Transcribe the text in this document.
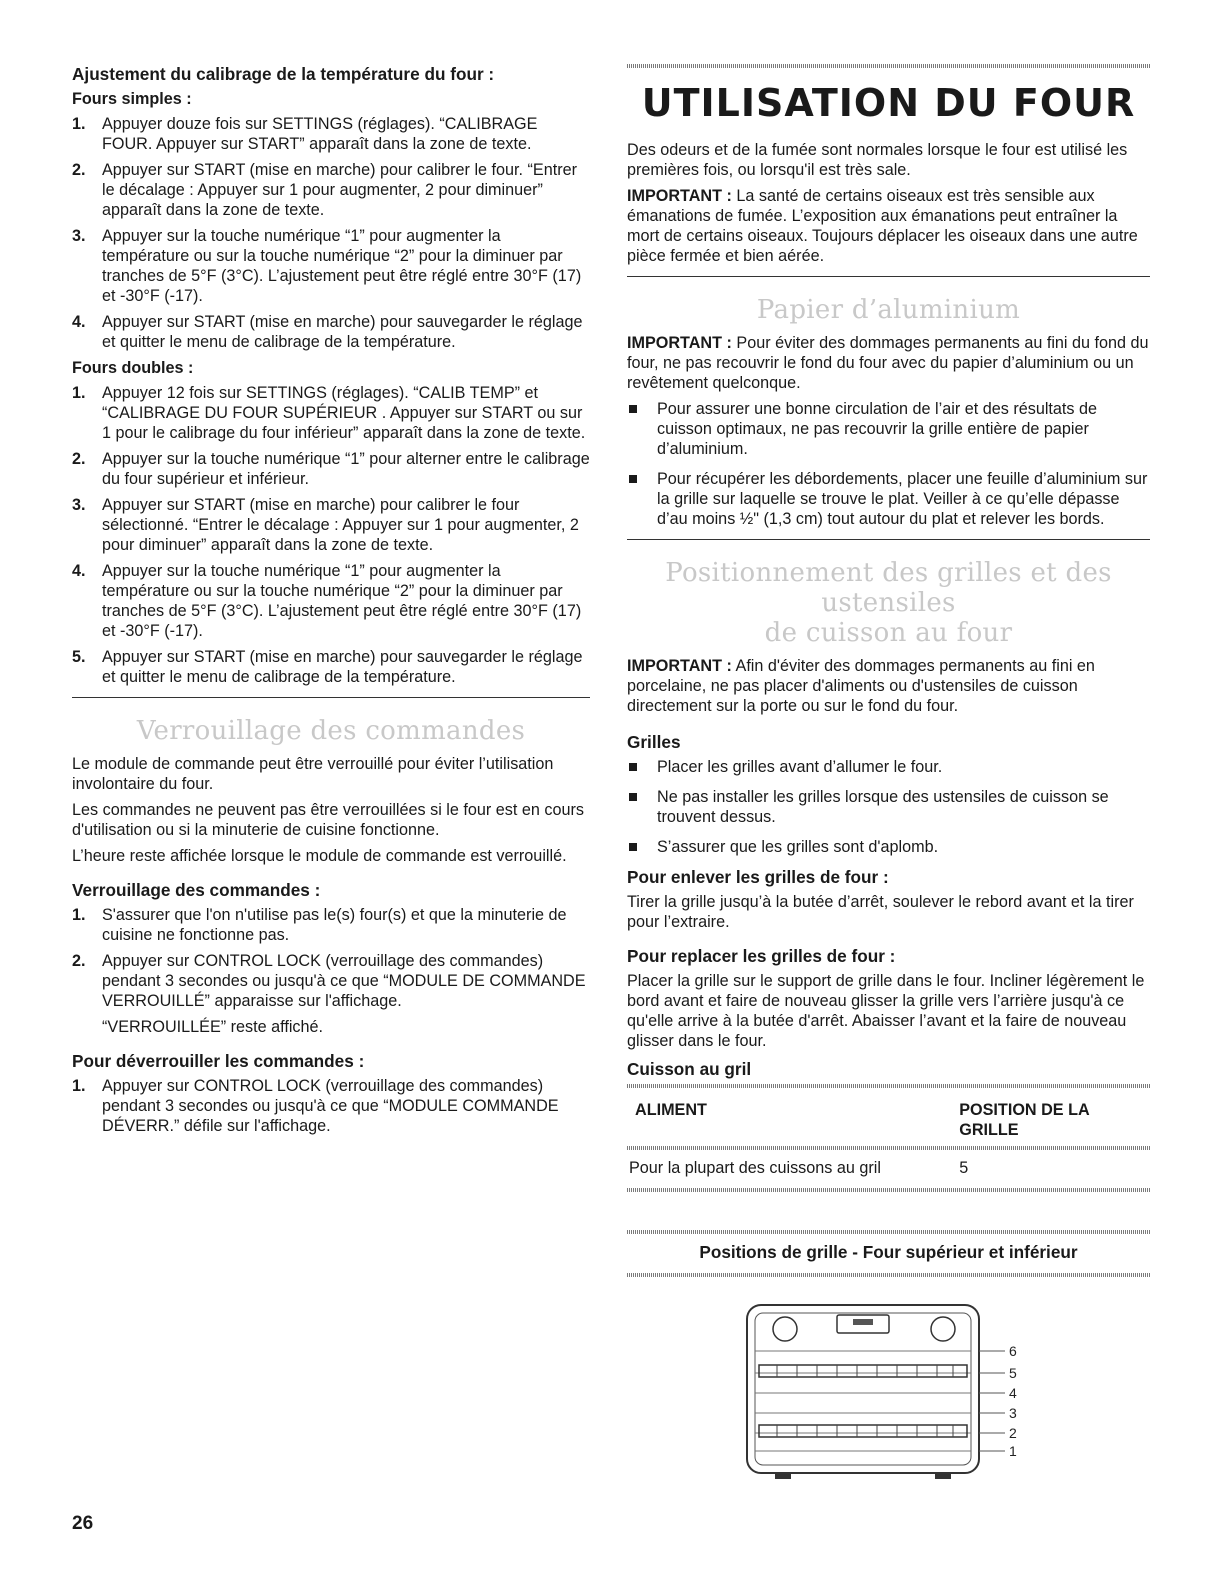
Ajustement du calibrage de la température du four :
Fours simples :
1. Appuyer douze fois sur SETTINGS (réglages). “CALIBRAGE FOUR. Appuyer sur START” apparaît dans la zone de texte.
2. Appuyer sur START (mise en marche) pour calibrer le four. “Entrer le décalage : Appuyer sur 1 pour augmenter, 2 pour diminuer” apparaît dans la zone de texte.
3. Appuyer sur la touche numérique “1” pour augmenter la température ou sur la touche numérique “2” pour la diminuer par tranches de 5°F (3°C). L’ajustement peut être réglé entre 30°F (17) et -30°F (-17).
4. Appuyer sur START (mise en marche) pour sauvegarder le réglage et quitter le menu de calibrage de la température.
Fours doubles :
1. Appuyer 12 fois sur SETTINGS (réglages). “CALIB TEMP” et “CALIBRAGE DU FOUR SUPÉRIEUR . Appuyer sur START ou sur 1 pour le calibrage du four inférieur” apparaît dans la zone de texte.
2. Appuyer sur la touche numérique “1” pour alterner entre le calibrage du four supérieur et inférieur.
3. Appuyer sur START (mise en marche) pour calibrer le four sélectionné. “Entrer le décalage : Appuyer sur 1 pour augmenter, 2 pour diminuer” apparaît dans la zone de texte.
4. Appuyer sur la touche numérique “1” pour augmenter la température ou sur la touche numérique “2” pour la diminuer par tranches de 5°F (3°C). L’ajustement peut être réglé entre 30°F (17) et -30°F (-17).
5. Appuyer sur START (mise en marche) pour sauvegarder le réglage et quitter le menu de calibrage de la température.
Verrouillage des commandes

Le module de commande peut être verrouillé pour éviter l’utilisation involontaire du four.

Les commandes ne peuvent pas être verrouillées si le four est en cours d'utilisation ou si la minuterie de cuisine fonctionne.

L’heure reste affichée lorsque le module de commande est verrouillé.

Verrouillage des commandes :
1. S'assurer que l'on n'utilise pas le(s) four(s) et que la minuterie de cuisine ne fonctionne pas.
2. Appuyer sur CONTROL LOCK (verrouillage des commandes) pendant 3 secondes ou jusqu'à ce que “MODULE DE COMMANDE VERROUILLÉ” apparaisse sur l'affichage.

“VERROUILLÉE” reste affiché.

Pour déverrouiller les commandes :
1. Appuyer sur CONTROL LOCK (verrouillage des commandes) pendant 3 secondes ou jusqu'à ce que “MODULE COMMANDE DÉVERR.” défile sur l'affichage.
UTILISATION DU FOUR

Des odeurs et de la fumée sont normales lorsque le four est utilisé les premières fois, ou lorsqu'il est très sale.

IMPORTANT : La santé de certains oiseaux est très sensible aux émanations de fumée. L’exposition aux émanations peut entraîner la mort de certains oiseaux. Toujours déplacer les oiseaux dans une autre pièce fermée et bien aérée.

Papier d’aluminium

IMPORTANT : Pour éviter des dommages permanents au fini du fond du four, ne pas recouvrir le fond du four avec du papier d’aluminium ou un revêtement quelconque.

Pour assurer une bonne circulation de l’air et des résultats de cuisson optimaux, ne pas recouvrir la grille entière de papier d’aluminium.
Pour récupérer les débordements, placer une feuille d’aluminium sur la grille sur laquelle se trouve le plat. Veiller à ce qu’elle dépasse d’au moins ½" (1,3 cm) tout autour du plat et relever les bords.
Positionnement des grilles et des ustensiles
de cuisson au four

IMPORTANT : Afin d'éviter des dommages permanents au fini en porcelaine, ne pas placer d'aliments ou d'ustensiles de cuisson directement sur la porte ou sur le fond du four.

Grilles
Placer les grilles avant d’allumer le four.
Ne pas installer les grilles lorsque des ustensiles de cuisson se trouvent dessus.
S’assurer que les grilles sont d'aplomb.
Pour enlever les grilles de four :

Tirer la grille jusqu’à la butée d’arrêt, soulever le rebord avant et la tirer pour l’extraire.

Pour replacer les grilles de four :

Placer la grille sur le support de grille dans le four. Incliner légèrement le bord avant et faire de nouveau glisser la grille vers l’arrière jusqu'à ce qu'elle arrive à la butée d'arrêt. Abaisser l’avant et la faire de nouveau glisser dans le four.

Cuisson au gril
ALIMENT	POSITION DE LA GRILLE

Pour la plupart des cuissons au gril	5
Positions de grille - Four supérieur et inférieur
6
5
4
3
2
1
26
